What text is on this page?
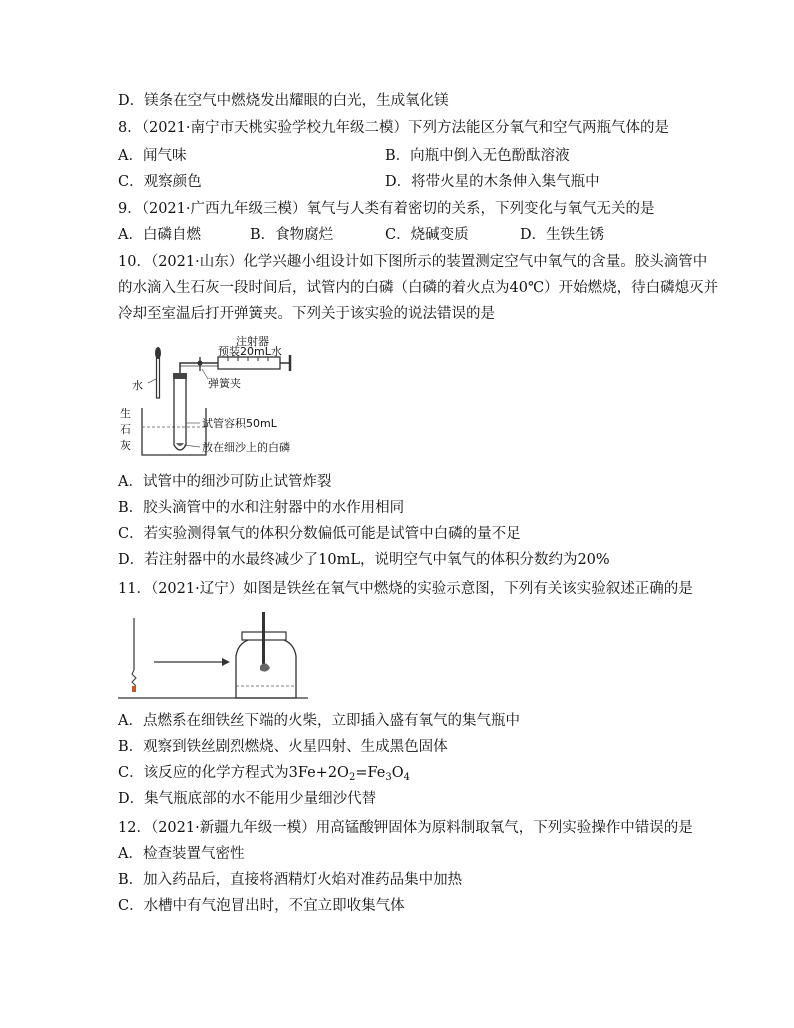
D．镁条在空气中燃烧发出耀眼的白光，生成氧化镁
8．（2021·南宁市天桃实验学校九年级二模）下列方法能区分氧气和空气两瓶气体的是
A．闻气味	B．向瓶中倒入无色酚酞溶液
C．观察颜色	D．将带火星的木条伸入集气瓶中
9．（2021·广西九年级三模）氧气与人类有着密切的关系，下列变化与氧气无关的是
A．白磷自燃	B．食物腐烂	C．烧碱变质	D．生铁生锈
10．（2021·山东）化学兴趣小组设计如下图所示的装置测定空气中氧气的含量。胶头滴管中
的水滴入生石灰一段时间后，试管内的白磷（白磷的着火点为40℃）开始燃烧，待白磷熄灭并
冷却至室温后打开弹簧夹。下列关于该实验的说法错误的是
注射器
预装20mL水
水	弹簧夹
生
石
灰
试管容积50mL
放在细沙上的白磷
A．试管中的细沙可防止试管炸裂
B．胶头滴管中的水和注射器中的水作用相同
C．若实验测得氧气的体积分数偏低可能是试管中白磷的量不足
D．若注射器中的水最终减少了10mL，说明空气中氧气的体积分数约为20%
11．（2021·辽宁）如图是铁丝在氧气中燃烧的实验示意图，下列有关该实验叙述正确的是
A．点燃系在细铁丝下端的火柴，立即插入盛有氧气的集气瓶中
B．观察到铁丝剧烈燃烧、火星四射、生成黑色固体
C．该反应的化学方程式为$3Fe+2O_2=Fe_3O_4$
D．集气瓶底部的水不能用少量细沙代替
12．（2021·新疆九年级一模）用高锰酸钾固体为原料制取氧气，下列实验操作中错误的是
A．检查装置气密性
B．加入药品后，直接将酒精灯火焰对准药品集中加热
C．水槽中有气泡冒出时，不宜立即收集气体
